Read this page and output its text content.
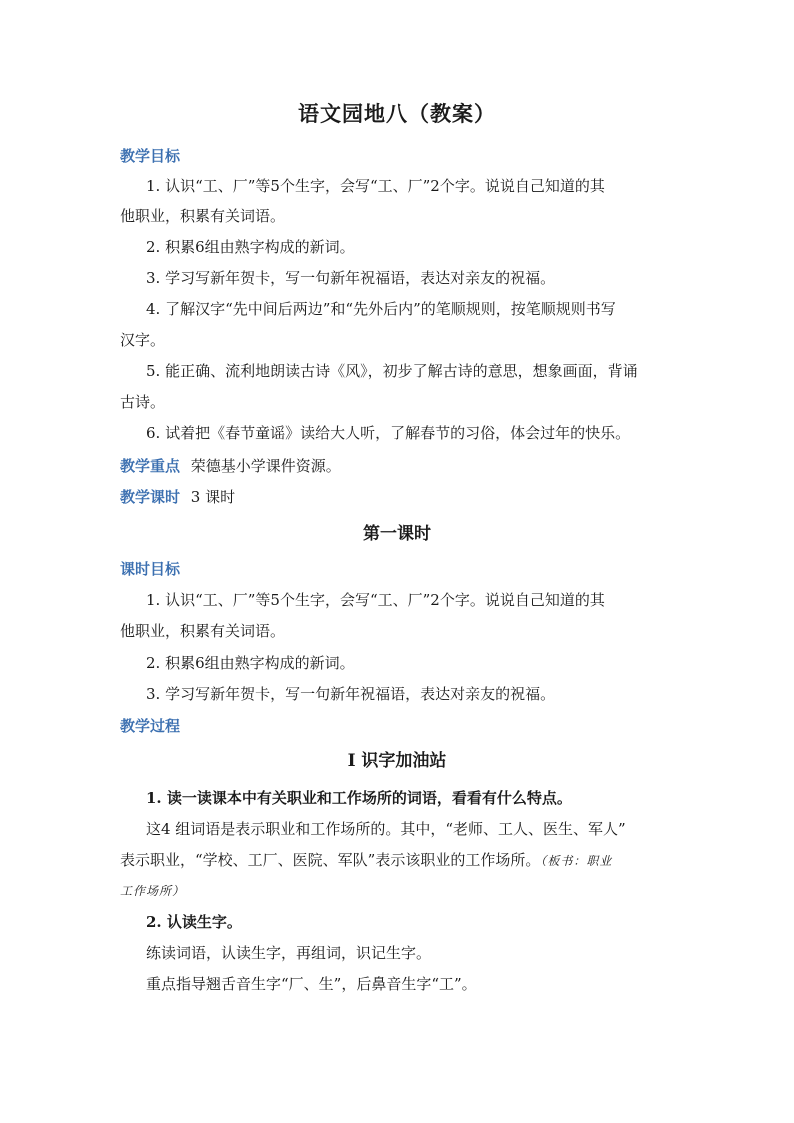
语文园地八（教案）
教学目标
1. 认识“工、厂”等5个生字，会写“工、厂”2个字。说说自己知道的其
他职业，积累有关词语。
2. 积累6组由熟字构成的新词。
3. 学习写新年贺卡，写一句新年祝福语，表达对亲友的祝福。
4. 了解汉字“先中间后两边”和“先外后内”的笔顺规则，按笔顺规则书写
汉字。
5. 能正确、流利地朗读古诗《风》，初步了解古诗的意思，想象画面，背诵
古诗。
6. 试着把《春节童谣》读给大人听，了解春节的习俗，体会过年的快乐。
教学重点 荣德基小学课件资源。
教学课时 3 课时
第一课时
课时目标
1. 认识“工、厂”等5个生字，会写“工、厂”2个字。说说自己知道的其
他职业，积累有关词语。
2. 积累6组由熟字构成的新词。
3. 学习写新年贺卡，写一句新年祝福语，表达对亲友的祝福。
教学过程
Ⅰ 识字加油站
1. 读一读课本中有关职业和工作场所的词语，看看有什么特点。
这4 组词语是表示职业和工作场所的。其中，“老师、工人、医生、军人”
表示职业，“学校、工厂、医院、军队”表示该职业的工作场所。（板书：职业
工作场所）
2. 认读生字。
练读词语，认读生字，再组词，识记生字。
重点指导翘舌音生字“厂、生”，后鼻音生字“工”。
